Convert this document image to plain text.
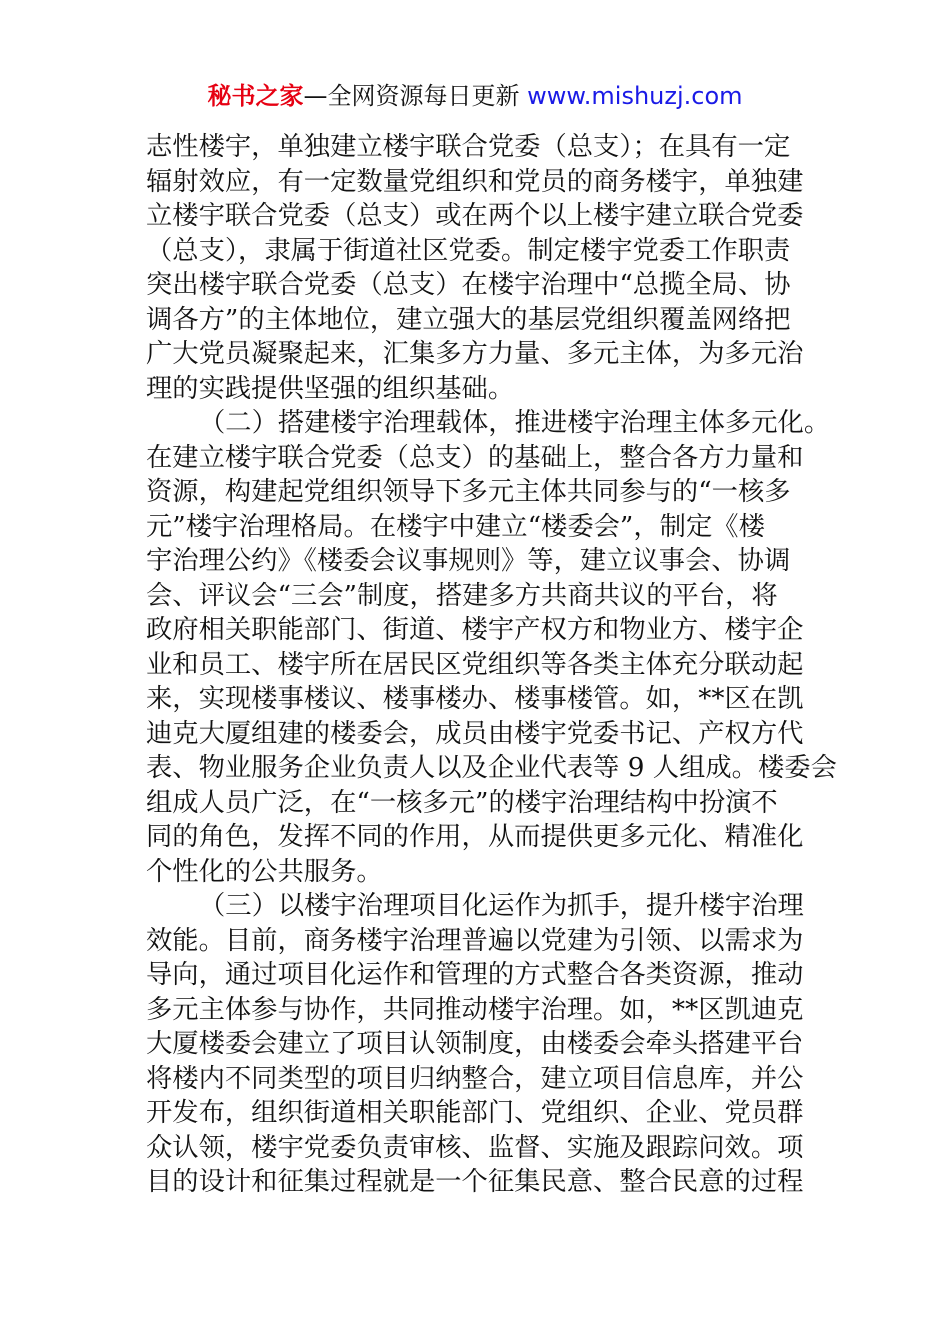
秘书之家—全网资源每日更新 www.mishuzj.com
志性楼宇，单独建立楼宇联合党委（总支）；在具有一定
辐射效应，有一定数量党组织和党员的商务楼宇，单独建
立楼宇联合党委（总支）或在两个以上楼宇建立联合党委
（总支），隶属于街道社区党委。制定楼宇党委工作职责
突出楼宇联合党委（总支）在楼宇治理中“总揽全局、协
调各方”的主体地位，建立强大的基层党组织覆盖网络把
广大党员凝聚起来，汇集多方力量、多元主体，为多元治
理的实践提供坚强的组织基础。
（二）搭建楼宇治理载体，推进楼宇治理主体多元化。
在建立楼宇联合党委（总支）的基础上，整合各方力量和
资源，构建起党组织领导下多元主体共同参与的“一核多
元”楼宇治理格局。在楼宇中建立“楼委会”，制定《楼
宇治理公约》《楼委会议事规则》等，建立议事会、协调
会、评议会“三会”制度，搭建多方共商共议的平台，将
政府相关职能部门、街道、楼宇产权方和物业方、楼宇企
业和员工、楼宇所在居民区党组织等各类主体充分联动起
来，实现楼事楼议、楼事楼办、楼事楼管。如，**区在凯
迪克大厦组建的楼委会，成员由楼宇党委书记、产权方代
表、物业服务企业负责人以及企业代表等 9 人组成。楼委会
组成人员广泛，在“一核多元”的楼宇治理结构中扮演不
同的角色，发挥不同的作用，从而提供更多元化、精准化
个性化的公共服务。
（三）以楼宇治理项目化运作为抓手，提升楼宇治理
效能。目前，商务楼宇治理普遍以党建为引领、以需求为
导向，通过项目化运作和管理的方式整合各类资源，推动
多元主体参与协作，共同推动楼宇治理。如，**区凯迪克
大厦楼委会建立了项目认领制度，由楼委会牵头搭建平台
将楼内不同类型的项目归纳整合，建立项目信息库，并公
开发布，组织街道相关职能部门、党组织、企业、党员群
众认领，楼宇党委负责审核、监督、实施及跟踪问效。项
目的设计和征集过程就是一个征集民意、整合民意的过程
